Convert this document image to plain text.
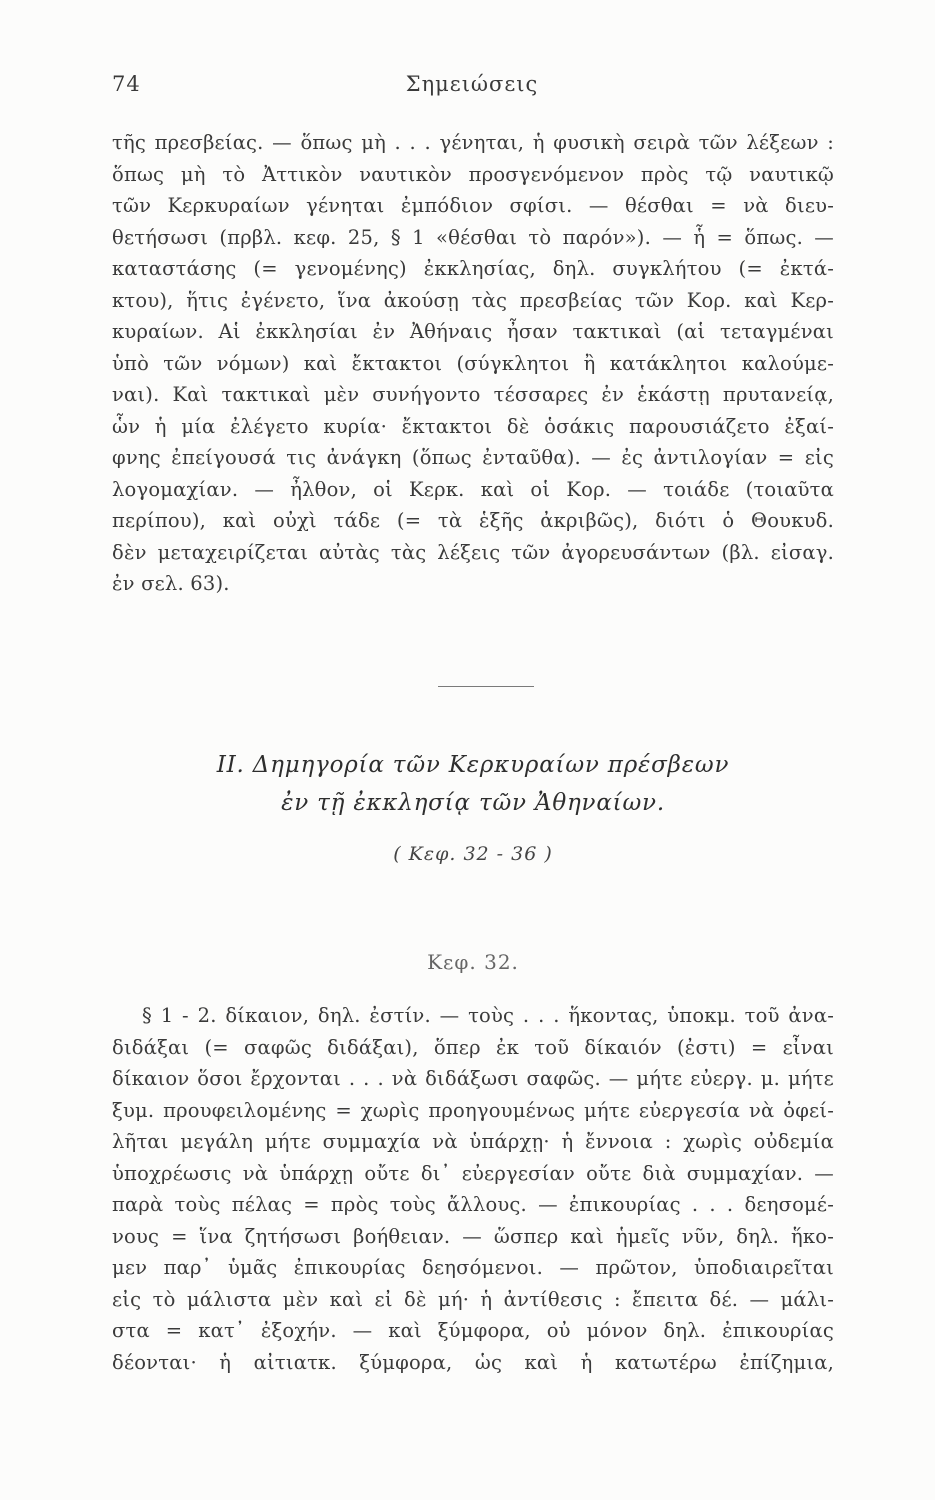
74	Σημειώσεις
τῆς πρεσβείας. — ὅπως μὴ . . . γένηται, ἡ φυσικὴ σειρὰ τῶν λέξεων :
ὅπως μὴ τὸ Ἀττικὸν ναυτικὸν προσγενόμενον πρὸς τῷ ναυτικῷ
τῶν Κερκυραίων γένηται ἐμπόδιον σφίσι. — θέσθαι = νὰ διευ-
θετήσωσι (πρβλ. κεφ. 25, § 1 «θέσθαι τὸ παρόν»). — ἧ = ὅπως. —
καταστάσης (= γενομένης) ἐκκλησίας, δηλ. συγκλήτου (= ἐκτά-
κτου), ἥτις ἐγένετο, ἵνα ἀκούσῃ τὰς πρεσβείας τῶν Κορ. καὶ Κερ-
κυραίων. Αἱ ἐκκλησίαι ἐν Ἀθήναις ἦσαν τακτικαὶ (αἱ τεταγμέναι
ὑπὸ τῶν νόμων) καὶ ἔκτακτοι (σύγκλητοι ἢ κατάκλητοι καλούμε-
ναι). Καὶ τακτικαὶ μὲν συνήγοντο τέσσαρες ἐν ἑκάστῃ πρυτανείᾳ,
ὧν ἡ μία ἐλέγετο κυρία· ἔκτακτοι δὲ ὁσάκις παρουσιάζετο ἐξαί-
φνης ἐπείγουσά τις ἀνάγκη (ὅπως ἐνταῦθα). — ἐς ἀντιλογίαν = εἰς
λογομαχίαν. — ἦλθον, οἱ Κερκ. καὶ οἱ Κορ. — τοιάδε (τοιαῦτα
περίπου), καὶ οὐχὶ τάδε (= τὰ ἑξῆς ἀκριβῶς), διότι ὁ Θουκυδ.
δὲν μεταχειρίζεται αὐτὰς τὰς λέξεις τῶν ἀγορευσάντων (βλ. εἰσαγ.
ἐν σελ. 63).
II. Δημηγορία τῶν Κερκυραίων πρέσβεων
ἐν τῇ ἐκκλησίᾳ τῶν Ἀθηναίων.
( Κεφ. 32 - 36 )
Κεφ. 32.
§ 1 - 2. δίκαιον, δηλ. ἐστίν. — τοὺς . . . ἥκοντας, ὑποκμ. τοῦ ἀνα-
διδάξαι (= σαφῶς διδάξαι), ὅπερ ἐκ τοῦ δίκαιόν (ἐστι) = εἶναι
δίκαιον ὅσοι ἔρχονται . . . νὰ διδάξωσι σαφῶς. — μήτε εὐεργ. μ. μήτε
ξυμ. προυφειλομένης = χωρὶς προηγουμένως μήτε εὐεργεσία νὰ ὀφεί-
λῆται μεγάλη μήτε συμμαχία νὰ ὑπάρχῃ· ἡ ἔννοια : χωρὶς οὐδεμία
ὑποχρέωσις νὰ ὑπάρχῃ οὔτε δι᾽ εὐεργεσίαν οὔτε διὰ συμμαχίαν. —
παρὰ τοὺς πέλας = πρὸς τοὺς ἄλλους. — ἐπικουρίας . . . δεησομέ-
νους = ἵνα ζητήσωσι βοήθειαν. — ὥσπερ καὶ ἡμεῖς νῦν, δηλ. ἥκο-
μεν παρ᾽ ὑμᾶς ἐπικουρίας δεησόμενοι. — πρῶτον, ὑποδιαιρεῖται
εἰς τὸ μάλιστα μὲν καὶ εἰ δὲ μή· ἡ ἀντίθεσις : ἔπειτα δέ. — μάλι-
στα = κατ᾽ ἐξοχήν. — καὶ ξύμφορα, οὐ μόνον δηλ. ἐπικουρίας
δέονται· ἡ αἰτιατκ. ξύμφορα, ὡς καὶ ἡ κατωτέρω ἐπίζημια,
